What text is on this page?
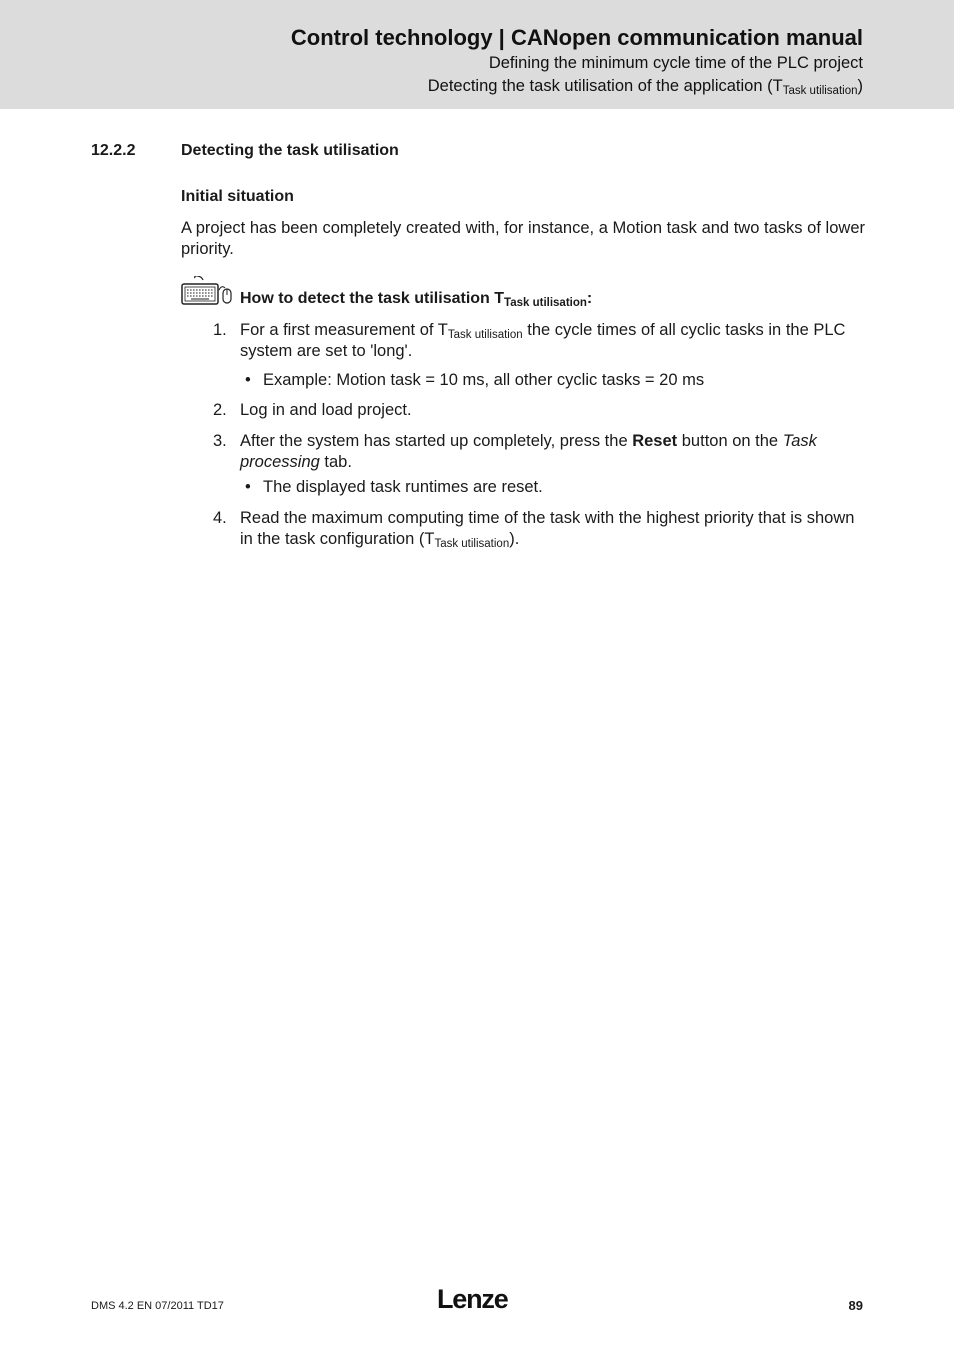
Control technology | CANopen communication manual
Defining the minimum cycle time of the PLC project
Detecting the task utilisation of the application $(T_{Task utilisation})$
12.2.2	Detecting the task utilisation
Initial situation
A project has been completely created with, for instance, a Motion task and two tasks of lower priority.
How to detect the task utilisation $T_{Task utilisation}$:
1. For a first measurement of $T_{Task utilisation}$ the cycle times of all cyclic tasks in the PLC system are set to 'long'.
• Example: Motion task = 10 ms, all other cyclic tasks = 20 ms
2. Log in and load project.
3. After the system has started up completely, press the Reset button on the Task processing tab.
• The displayed task runtimes are reset.
4. Read the maximum computing time of the task with the highest priority that is shown in the task configuration $(T_{Task utilisation})$.
DMS 4.2 EN 07/2011 TD17	Lenze	89
